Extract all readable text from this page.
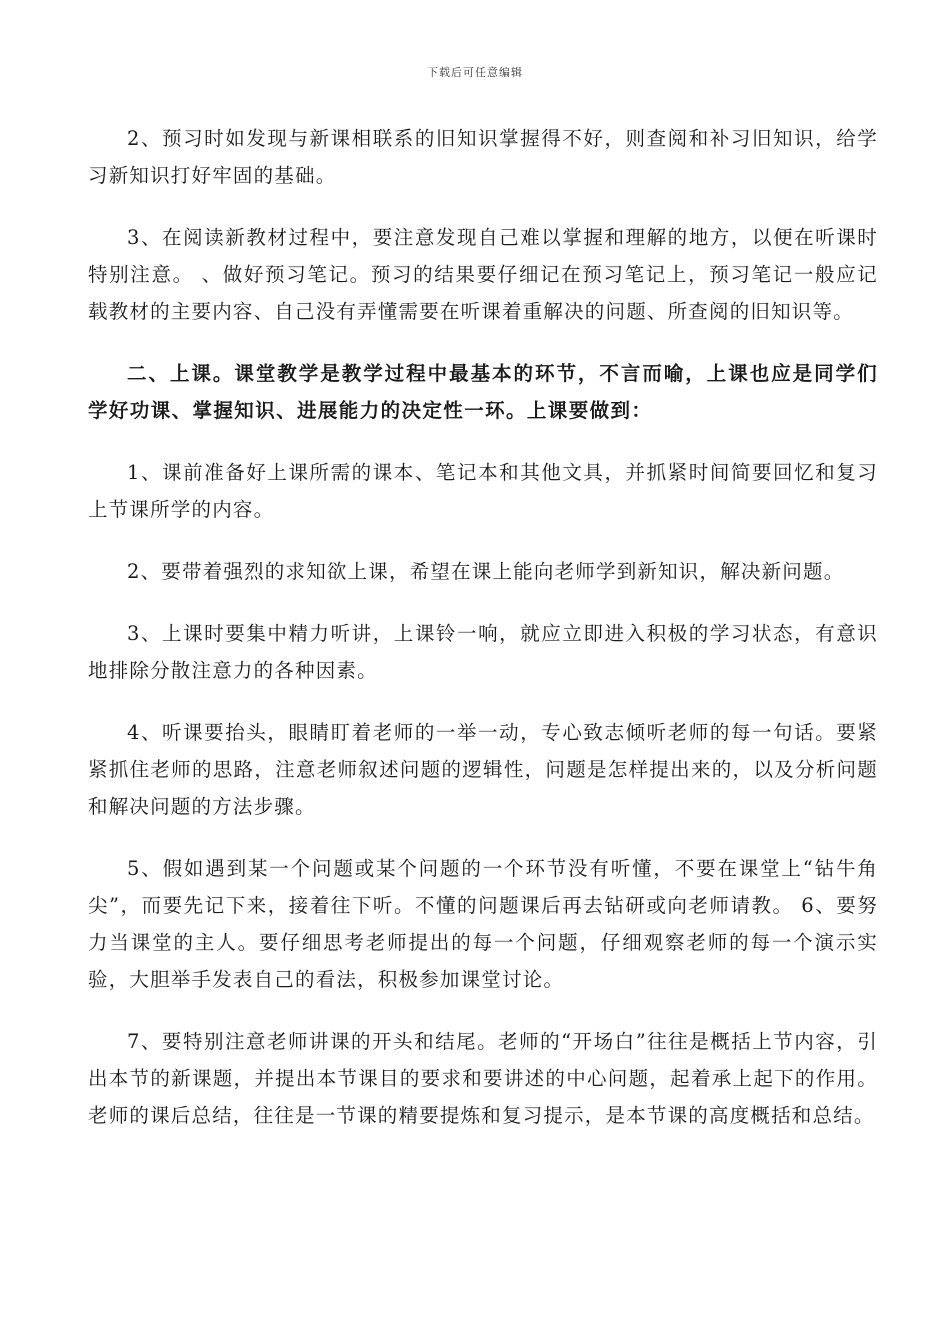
下载后可任意编辑

2、预习时如发现与新课相联系的旧知识掌握得不好，则查阅和补习旧知识，给学习新知识打好牢固的基础。

3、在阅读新教材过程中，要注意发现自己难以掌握和理解的地方，以便在听课时特别注意。 、做好预习笔记。预习的结果要仔细记在预习笔记上，预习笔记一般应记载教材的主要内容、自己没有弄懂需要在听课着重解决的问题、所查阅的旧知识等。

二、上课。课堂教学是教学过程中最基本的环节，不言而喻，上课也应是同学们学好功课、掌握知识、进展能力的决定性一环。上课要做到：

1、课前准备好上课所需的课本、笔记本和其他文具，并抓紧时间简要回忆和复习上节课所学的内容。

2、要带着强烈的求知欲上课，希望在课上能向老师学到新知识，解决新问题。

3、上课时要集中精力听讲，上课铃一响，就应立即进入积极的学习状态，有意识地排除分散注意力的各种因素。

4、听课要抬头，眼睛盯着老师的一举一动，专心致志倾听老师的每一句话。要紧紧抓住老师的思路，注意老师叙述问题的逻辑性，问题是怎样提出来的，以及分析问题和解决问题的方法步骤。

5、假如遇到某一个问题或某个问题的一个环节没有听懂，不要在课堂上“钻牛角尖”，而要先记下来，接着往下听。不懂的问题课后再去钻研或向老师请教。 6、要努力当课堂的主人。要仔细思考老师提出的每一个问题，仔细观察老师的每一个演示实验，大胆举手发表自己的看法，积极参加课堂讨论。

7、要特别注意老师讲课的开头和结尾。老师的“开场白”往往是概括上节内容，引出本节的新课题，并提出本节课目的要求和要讲述的中心问题，起着承上起下的作用。老师的课后总结，往往是一节课的精要提炼和复习提示，是本节课的高度概括和总结。
